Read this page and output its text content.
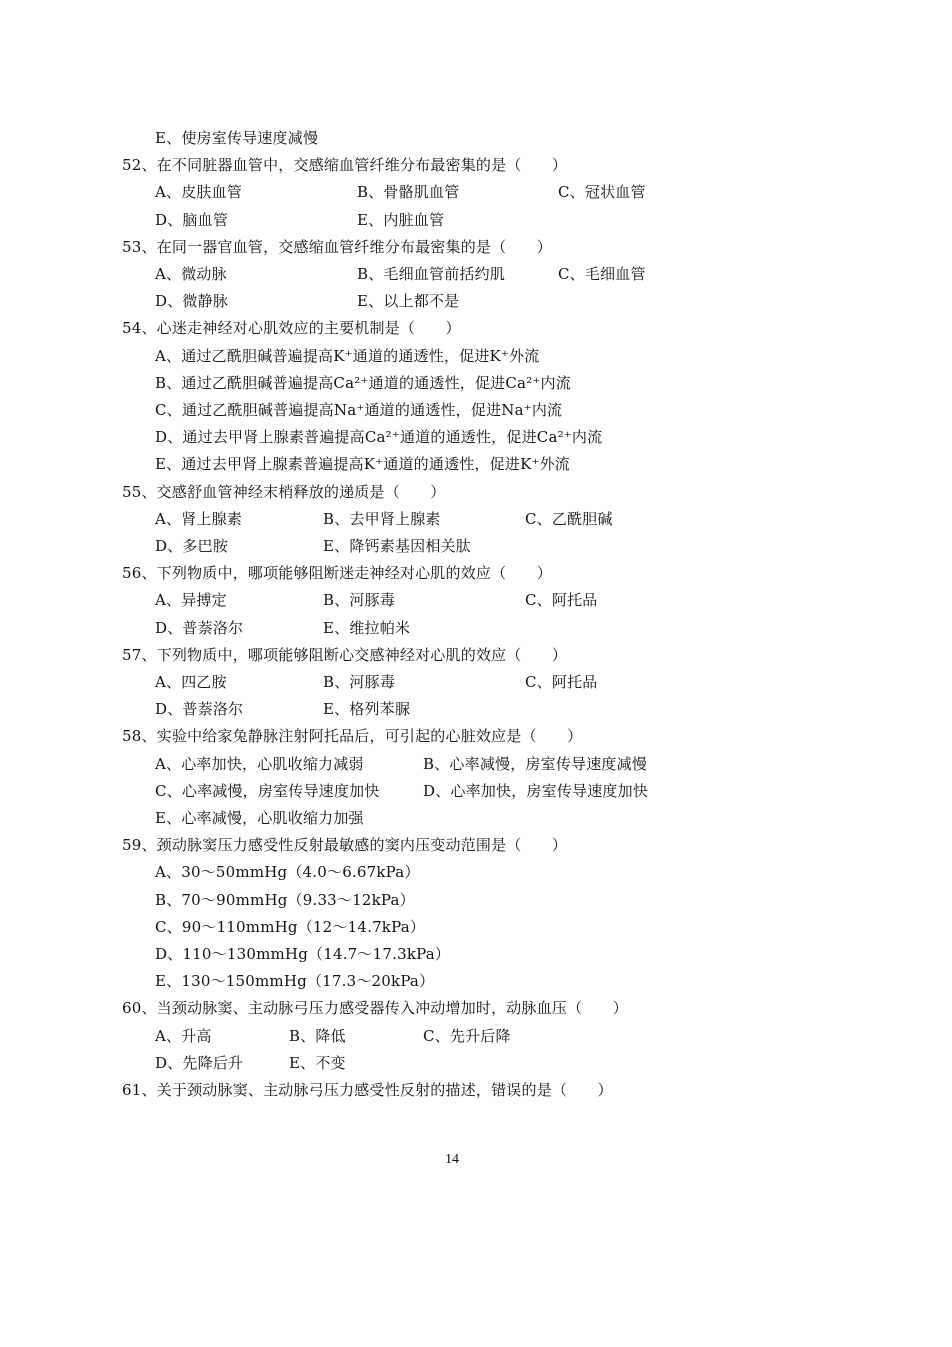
E、使房室传导速度减慢
52、在不同脏器血管中，交感缩血管纤维分布最密集的是（　　）
A、皮肤血管	B、骨骼肌血管	C、冠状血管
D、脑血管	E、内脏血管
53、在同一器官血管，交感缩血管纤维分布最密集的是（　　）
A、微动脉	B、毛细血管前括约肌	C、毛细血管
D、微静脉	E、以上都不是
54、心迷走神经对心肌效应的主要机制是（　　）
A、通过乙酰胆碱普遍提高K⁺通道的通透性，促进K⁺外流
B、通过乙酰胆碱普遍提高Ca²⁺通道的通透性，促进Ca²⁺内流
C、通过乙酰胆碱普遍提高Na⁺通道的通透性，促进Na⁺内流
D、通过去甲肾上腺素普遍提高Ca²⁺通道的通透性，促进Ca²⁺内流
E、通过去甲肾上腺素普遍提高K⁺通道的通透性，促进K⁺外流
55、交感舒血管神经末梢释放的递质是（　　）
A、肾上腺素	B、去甲肾上腺素	C、乙酰胆碱
D、多巴胺	E、降钙素基因相关肽
56、下列物质中，哪项能够阻断迷走神经对心肌的效应（　　）
A、异搏定	B、河豚毒	C、阿托品
D、普萘洛尔	E、维拉帕米
57、下列物质中，哪项能够阻断心交感神经对心肌的效应（　　）
A、四乙胺	B、河豚毒	C、阿托品
D、普萘洛尔	E、格列苯脲
58、实验中给家兔静脉注射阿托品后，可引起的心脏效应是（　　）
A、心率加快，心肌收缩力减弱	B、心率减慢，房室传导速度减慢
C、心率减慢，房室传导速度加快	D、心率加快，房室传导速度加快
E、心率减慢，心肌收缩力加强
59、颈动脉窦压力感受性反射最敏感的窦内压变动范围是（　　）
A、30～50mmHg（4.0～6.67kPa）
B、70～90mmHg（9.33～12kPa）
C、90～110mmHg（12～14.7kPa）
D、110～130mmHg（14.7～17.3kPa）
E、130～150mmHg（17.3～20kPa）
60、当颈动脉窦、主动脉弓压力感受器传入冲动增加时，动脉血压（　　）
A、升高	B、降低	C、先升后降
D、先降后升	E、不变
61、关于颈动脉窦、主动脉弓压力感受性反射的描述，错误的是（　　）
14
